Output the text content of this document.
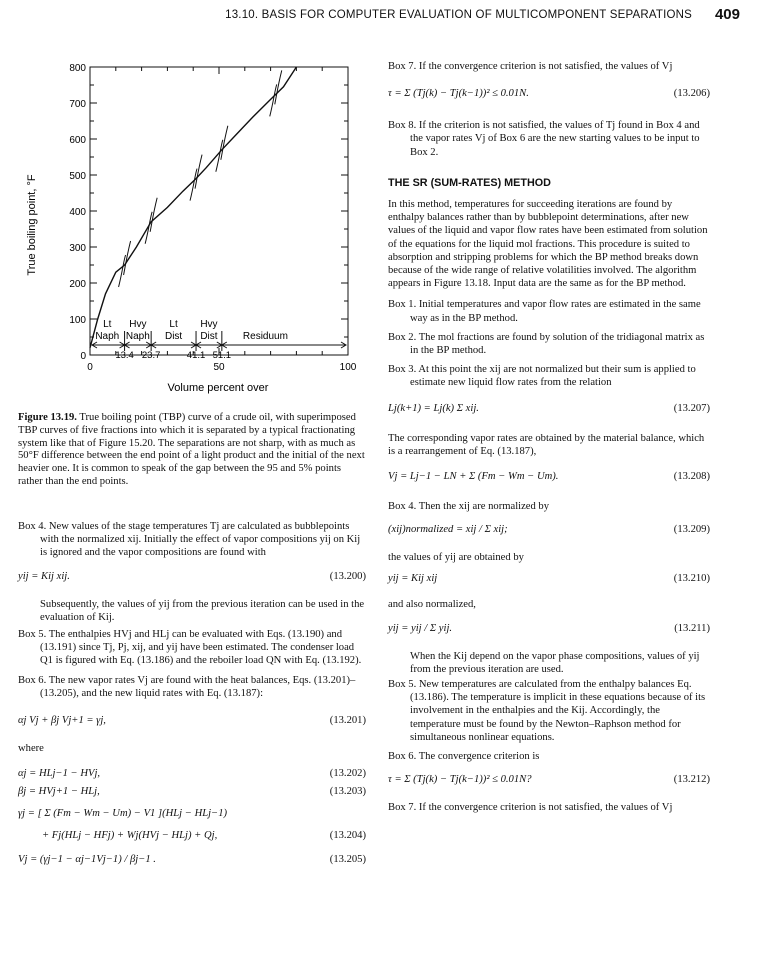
13.10. BASIS FOR COMPUTER EVALUATION OF MULTICOMPONENT SEPARATIONS 409
True boiling point, °F
Volume percent over
0
100
200
300
400
500
600
700
800
0	50	100
13.4 23.7	41.1 51.1
Lt
Naph
Hvy
Naph
Lt
Dist
Hvy
Dist	Residuum

Figure 13.19. True boiling point (TBP) curve of a crude oil, with superimposed TBP curves of five fractions into which it is separated by a typical fractionating system like that of Figure 15.20. The separations are not sharp, with as much as 50°F difference between the end point of a light product and the initial of the next heavier one. It is common to speak of the gap between the 95 and 5% points rather than the end points.

Box 4. New values of the stage temperatures Tj are calculated as bubblepoints with the normalized xij. Initially the effect of vapor compositions yij on Kij is ignored and the vapor compositions are found with

yij = Kij xij.	(13.200)

Subsequently, the values of yij from the previous iteration can be used in the evaluation of Kij.

Box 5. The enthalpies HVj and HLj can be evaluated with Eqs. (13.190) and (13.191) since Tj, Pj, xij, and yij have been estimated. The condenser load Q1 is figured with Eq. (13.186) and the reboiler load QN with Eq. (13.192).

Box 6. The new vapor rates Vj are found with the heat balances, Eqs. (13.201)–(13.205), and the new liquid rates with Eq. (13.187):

αj Vj + βj Vj+1 = γj,	(13.201)

where

αj = HLj−1 − HVj,	(13.202)
βj = HVj+1 − HLj,	(13.203)
γj = [ Σ (Fm − Wm − Um) − V1 ](HLj − HLj−1)
+ Fj(HLj − HFj) + Wj(HVj − HLj) + Qj,	(13.204)
Vj = (γj−1 − αj−1Vj−1) / βj−1 .	(13.205)

Box 7. If the convergence criterion is not satisfied, the values of Vj

τ = Σ (Tj(k) − Tj(k−1))² ≤ 0.01N.	(13.206)

Box 8. If the criterion is not satisfied, the values of Tj found in Box 4 and the vapor rates Vj of Box 6 are the new starting values to be input to Box 2.

THE SR (SUM-RATES) METHOD

In this method, temperatures for succeeding iterations are found by enthalpy balances rather than by bubblepoint determinations, after new values of the liquid and vapor flow rates have been estimated from solution of the equations for the liquid mol fractions. This procedure is suited to absorption and stripping problems for which the BP method breaks down because of the wide range of relative volatilities involved. The algorithm appears in Figure 13.18. Input data are the same as for the BP method.

Box 1. Initial temperatures and vapor flow rates are estimated in the same way as in the BP method.

Box 2. The mol fractions are found by solution of the tridiagonal matrix as in the BP method.

Box 3. At this point the xij are not normalized but their sum is applied to estimate new liquid flow rates from the relation

Lj(k+1) = Lj(k) Σ xij.	(13.207)

The corresponding vapor rates are obtained by the material balance, which is a rearrangement of Eq. (13.187),

Vj = Lj−1 − LN + Σ (Fm − Wm − Um).	(13.208)

Box 4. Then the xij are normalized by

(xij)normalized = xij / Σ xij;	(13.209)

the values of yij are obtained by

yij = Kij xij	(13.210)

and also normalized,

yij = yij / Σ yij.	(13.211)

When the Kij depend on the vapor phase compositions, values of yij from the previous iteration are used.

Box 5. New temperatures are calculated from the enthalpy balances Eq. (13.186). The temperature is implicit in these equations because of its involvement in the enthalpies and the Kij. Accordingly, the temperature must be found by the Newton–Raphson method for simultaneous nonlinear equations.

Box 6. The convergence criterion is

τ = Σ (Tj(k) − Tj(k−1))² ≤ 0.01N?	(13.212)

Box 7. If the convergence criterion is not satisfied, the values of Vj
